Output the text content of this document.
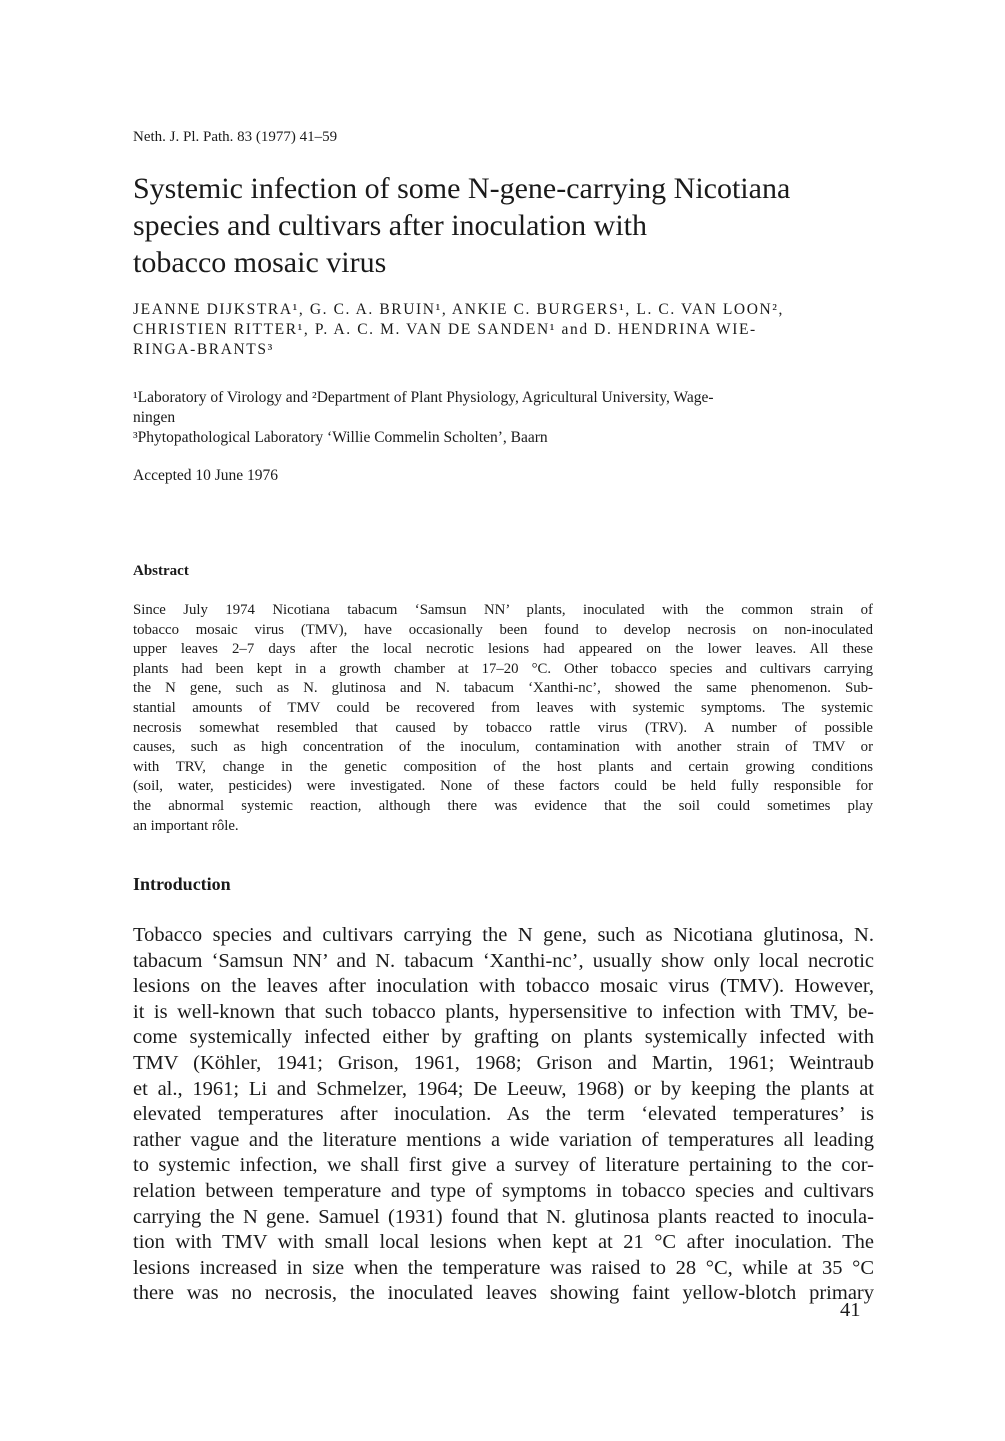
Neth. J. Pl. Path. 83 (1977) 41–59
Systemic infection of some N-gene-carrying Nicotiana
species and cultivars after inoculation with
tobacco mosaic virus
JEANNE DIJKSTRA¹, G. C. A. BRUIN¹, ANKIE C. BURGERS¹, L. C. VAN LOON²,
CHRISTIEN RITTER¹, P. A. C. M. VAN DE SANDEN¹ and D. HENDRINA WIE-
RINGA-BRANTS³
¹Laboratory of Virology and ²Department of Plant Physiology, Agricultural University, Wage-
ningen
³Phytopathological Laboratory ‘Willie Commelin Scholten’, Baarn
Accepted 10 June 1976
Abstract
Since July 1974 Nicotiana tabacum ‘Samsun NN’ plants, inoculated with the common strain of
tobacco mosaic virus (TMV), have occasionally been found to develop necrosis on non-inoculated
upper leaves 2–7 days after the local necrotic lesions had appeared on the lower leaves. All these
plants had been kept in a growth chamber at 17–20 °C. Other tobacco species and cultivars carrying
the N gene, such as N. glutinosa and N. tabacum ‘Xanthi-nc’, showed the same phenomenon. Sub-
stantial amounts of TMV could be recovered from leaves with systemic symptoms. The systemic
necrosis somewhat resembled that caused by tobacco rattle virus (TRV). A number of possible
causes, such as high concentration of the inoculum, contamination with another strain of TMV or
with TRV, change in the genetic composition of the host plants and certain growing conditions
(soil, water, pesticides) were investigated. None of these factors could be held fully responsible for
the abnormal systemic reaction, although there was evidence that the soil could sometimes play
an important rôle.
Introduction
Tobacco species and cultivars carrying the N gene, such as Nicotiana glutinosa, N.
tabacum ‘Samsun NN’ and N. tabacum ‘Xanthi-nc’, usually show only local necrotic
lesions on the leaves after inoculation with tobacco mosaic virus (TMV). However,
it is well-known that such tobacco plants, hypersensitive to infection with TMV, be-
come systemically infected either by grafting on plants systemically infected with
TMV (Köhler, 1941; Grison, 1961, 1968; Grison and Martin, 1961; Weintraub
et al., 1961; Li and Schmelzer, 1964; De Leeuw, 1968) or by keeping the plants at
elevated temperatures after inoculation. As the term ‘elevated temperatures’ is
rather vague and the literature mentions a wide variation of temperatures all leading
to systemic infection, we shall first give a survey of literature pertaining to the cor-
relation between temperature and type of symptoms in tobacco species and cultivars
carrying the N gene. Samuel (1931) found that N. glutinosa plants reacted to inocula-
tion with TMV with small local lesions when kept at 21 °C after inoculation. The
lesions increased in size when the temperature was raised to 28 °C, while at 35 °C
there was no necrosis, the inoculated leaves showing faint yellow-blotch primary
41
